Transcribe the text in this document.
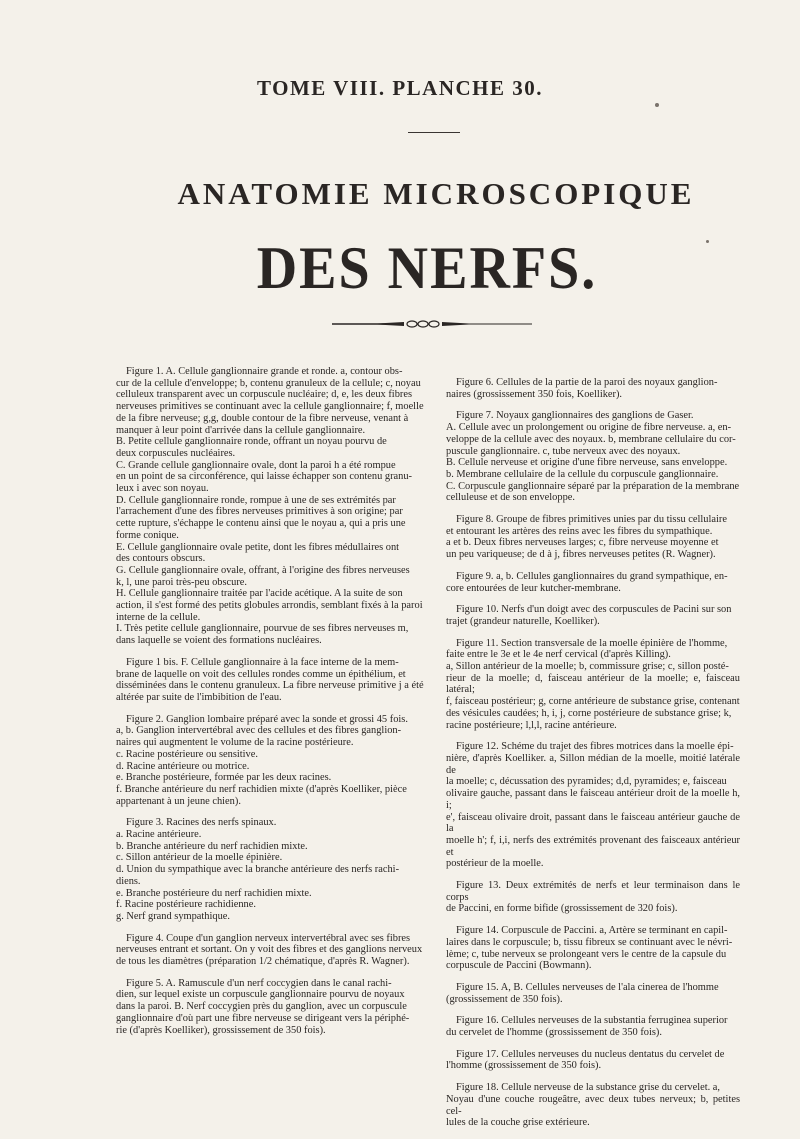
TOME VIII. PLANCHE 30.
ANATOMIE MICROSCOPIQUE
DES NERFS.
Figure 1. A. Cellule ganglionnaire grande et ronde. a, contour obs-
cur de la cellule d'enveloppe; b, contenu granuleux de la cellule; c, noyau
celluleux transparent avec un corpuscule nucléaire; d, e, les deux fibres
nerveuses primitives se continuant avec la cellule ganglionnaire; f, moelle
de la fibre nerveuse; g,g, double contour de la fibre nerveuse, venant à
manquer à leur point d'arrivée dans la cellule ganglionnaire.
B. Petite cellule ganglionnaire ronde, offrant un noyau pourvu de
deux corpuscules nucléaires.
C. Grande cellule ganglionnaire ovale, dont la paroi h a été rompue
en un point de sa circonférence, qui laisse échapper son contenu granu-
leux i avec son noyau.
D. Cellule ganglionnaire ronde, rompue à une de ses extrémités par
l'arrachement d'une des fibres nerveuses primitives à son origine; par
cette rupture, s'échappe le contenu ainsi que le noyau a, qui a pris une
forme conique.
E. Cellule ganglionnaire ovale petite, dont les fibres médullaires ont
des contours obscurs.
G. Cellule ganglionnaire ovale, offrant, à l'origine des fibres nerveuses
k, l, une paroi très-peu obscure.
H. Cellule ganglionnaire traitée par l'acide acétique. A la suite de son
action, il s'est formé des petits globules arrondis, semblant fixés à la paroi
interne de la cellule.
I. Très petite cellule ganglionnaire, pourvue de ses fibres nerveuses m,
dans laquelle se voient des formations nucléaires.
Figure 1 bis. F. Cellule ganglionnaire à la face interne de la mem-
brane de laquelle on voit des cellules rondes comme un épithélium, et
disséminées dans le contenu granuleux. La fibre nerveuse primitive j a été
altérée par suite de l'imbibition de l'eau.
Figure 2. Ganglion lombaire préparé avec la sonde et grossi 45 fois.
a, b. Ganglion intervertébral avec des cellules et des fibres ganglion-
naires qui augmentent le volume de la racine postérieure.
c. Racine postérieure ou sensitive.
d. Racine antérieure ou motrice.
e. Branche postérieure, formée par les deux racines.
f. Branche antérieure du nerf rachidien mixte (d'après Koelliker, pièce
appartenant à un jeune chien).
Figure 3. Racines des nerfs spinaux.
a. Racine antérieure.
b. Branche antérieure du nerf rachidien mixte.
c. Sillon antérieur de la moelle épinière.
d. Union du sympathique avec la branche antérieure des nerfs rachi-
diens.
e. Branche postérieure du nerf rachidien mixte.
f. Racine postérieure rachidienne.
g. Nerf grand sympathique.
Figure 4. Coupe d'un ganglion nerveux intervertébral avec ses fibres
nerveuses entrant et sortant. On y voit des fibres et des ganglions nerveux
de tous les diamètres (préparation 1/2 chématique, d'après R. Wagner).
Figure 5. A. Ramuscule d'un nerf coccygien dans le canal rachi-
dien, sur lequel existe un corpuscule ganglionnaire pourvu de noyaux
dans la paroi. B. Nerf coccygien près du ganglion, avec un corpuscule
ganglionnaire d'où part une fibre nerveuse se dirigeant vers la périphé-
rie (d'après Koelliker), grossissement de 350 fois).
Figure 6. Cellules de la partie de la paroi des noyaux ganglion-
naires (grossissement 350 fois, Koelliker).
Figure 7. Noyaux ganglionnaires des ganglions de Gaser.
A. Cellule avec un prolongement ou origine de fibre nerveuse. a, en-
veloppe de la cellule avec des noyaux. b, membrane cellulaire du cor-
puscule ganglionnaire. c, tube nerveux avec des noyaux.
B. Cellule nerveuse et origine d'une fibre nerveuse, sans enveloppe.
b. Membrane cellulaire de la cellule du corpuscule ganglionnaire.
C. Corpuscule ganglionnaire séparé par la préparation de la membrane
celluleuse et de son enveloppe.
Figure 8. Groupe de fibres primitives unies par du tissu cellulaire
et entourant les artères des reins avec les fibres du sympathique.
a et b. Deux fibres nerveuses larges; c, fibre nerveuse moyenne et
un peu variqueuse; de d à j, fibres nerveuses petites (R. Wagner).
Figure 9. a, b. Cellules ganglionnaires du grand sympathique, en-
core entourées de leur kutcher-membrane.
Figure 10. Nerfs d'un doigt avec des corpuscules de Pacini sur son
trajet (grandeur naturelle, Koelliker).
Figure 11. Section transversale de la moelle épinière de l'homme,
faite entre le 3e et le 4e nerf cervical (d'après Killing).
a, Sillon antérieur de la moelle; b, commissure grise; c, sillon posté-
rieur de la moelle; d, faisceau antérieur de la moelle; e, faisceau latéral;
f, faisceau postérieur; g, corne antérieure de substance grise, contenant
des vésicules caudées; h, i, j, corne postérieure de substance grise; k,
racine postérieure; l,l,l, racine antérieure.
Figure 12. Schéme du trajet des fibres motrices dans la moelle épi-
nière, d'après Koelliker. a, Sillon médian de la moelle, moitié latérale de
la moelle; c, décussation des pyramides; d,d, pyramides; e, faisceau
olivaire gauche, passant dans le faisceau antérieur droit de la moelle h, i;
e', faisceau olivaire droit, passant dans le faisceau antérieur gauche de la
moelle h'; f, i,i, nerfs des extrémités provenant des faisceaux antérieur et
postérieur de la moelle.
Figure 13. Deux extrémités de nerfs et leur terminaison dans le corps
de Paccini, en forme bifide (grossissement de 320 fois).
Figure 14. Corpuscule de Paccini. a, Artère se terminant en capil-
laires dans le corpuscule; b, tissu fibreux se continuant avec le névri-
lème; c, tube nerveux se prolongeant vers le centre de la capsule du
corpuscule de Paccini (Bowmann).
Figure 15. A, B. Cellules nerveuses de l'ala cinerea de l'homme
(grossissement de 350 fois).
Figure 16. Cellules nerveuses de la substantia ferruginea superior
du cervelet de l'homme (grossissement de 350 fois).
Figure 17. Cellules nerveuses du nucleus dentatus du cervelet de
l'homme (grossissement de 350 fois).
Figure 18. Cellule nerveuse de la substance grise du cervelet. a,
Noyau d'une couche rougeâtre, avec deux tubes nerveux; b, petites cel-
lules de la couche grise extérieure.
